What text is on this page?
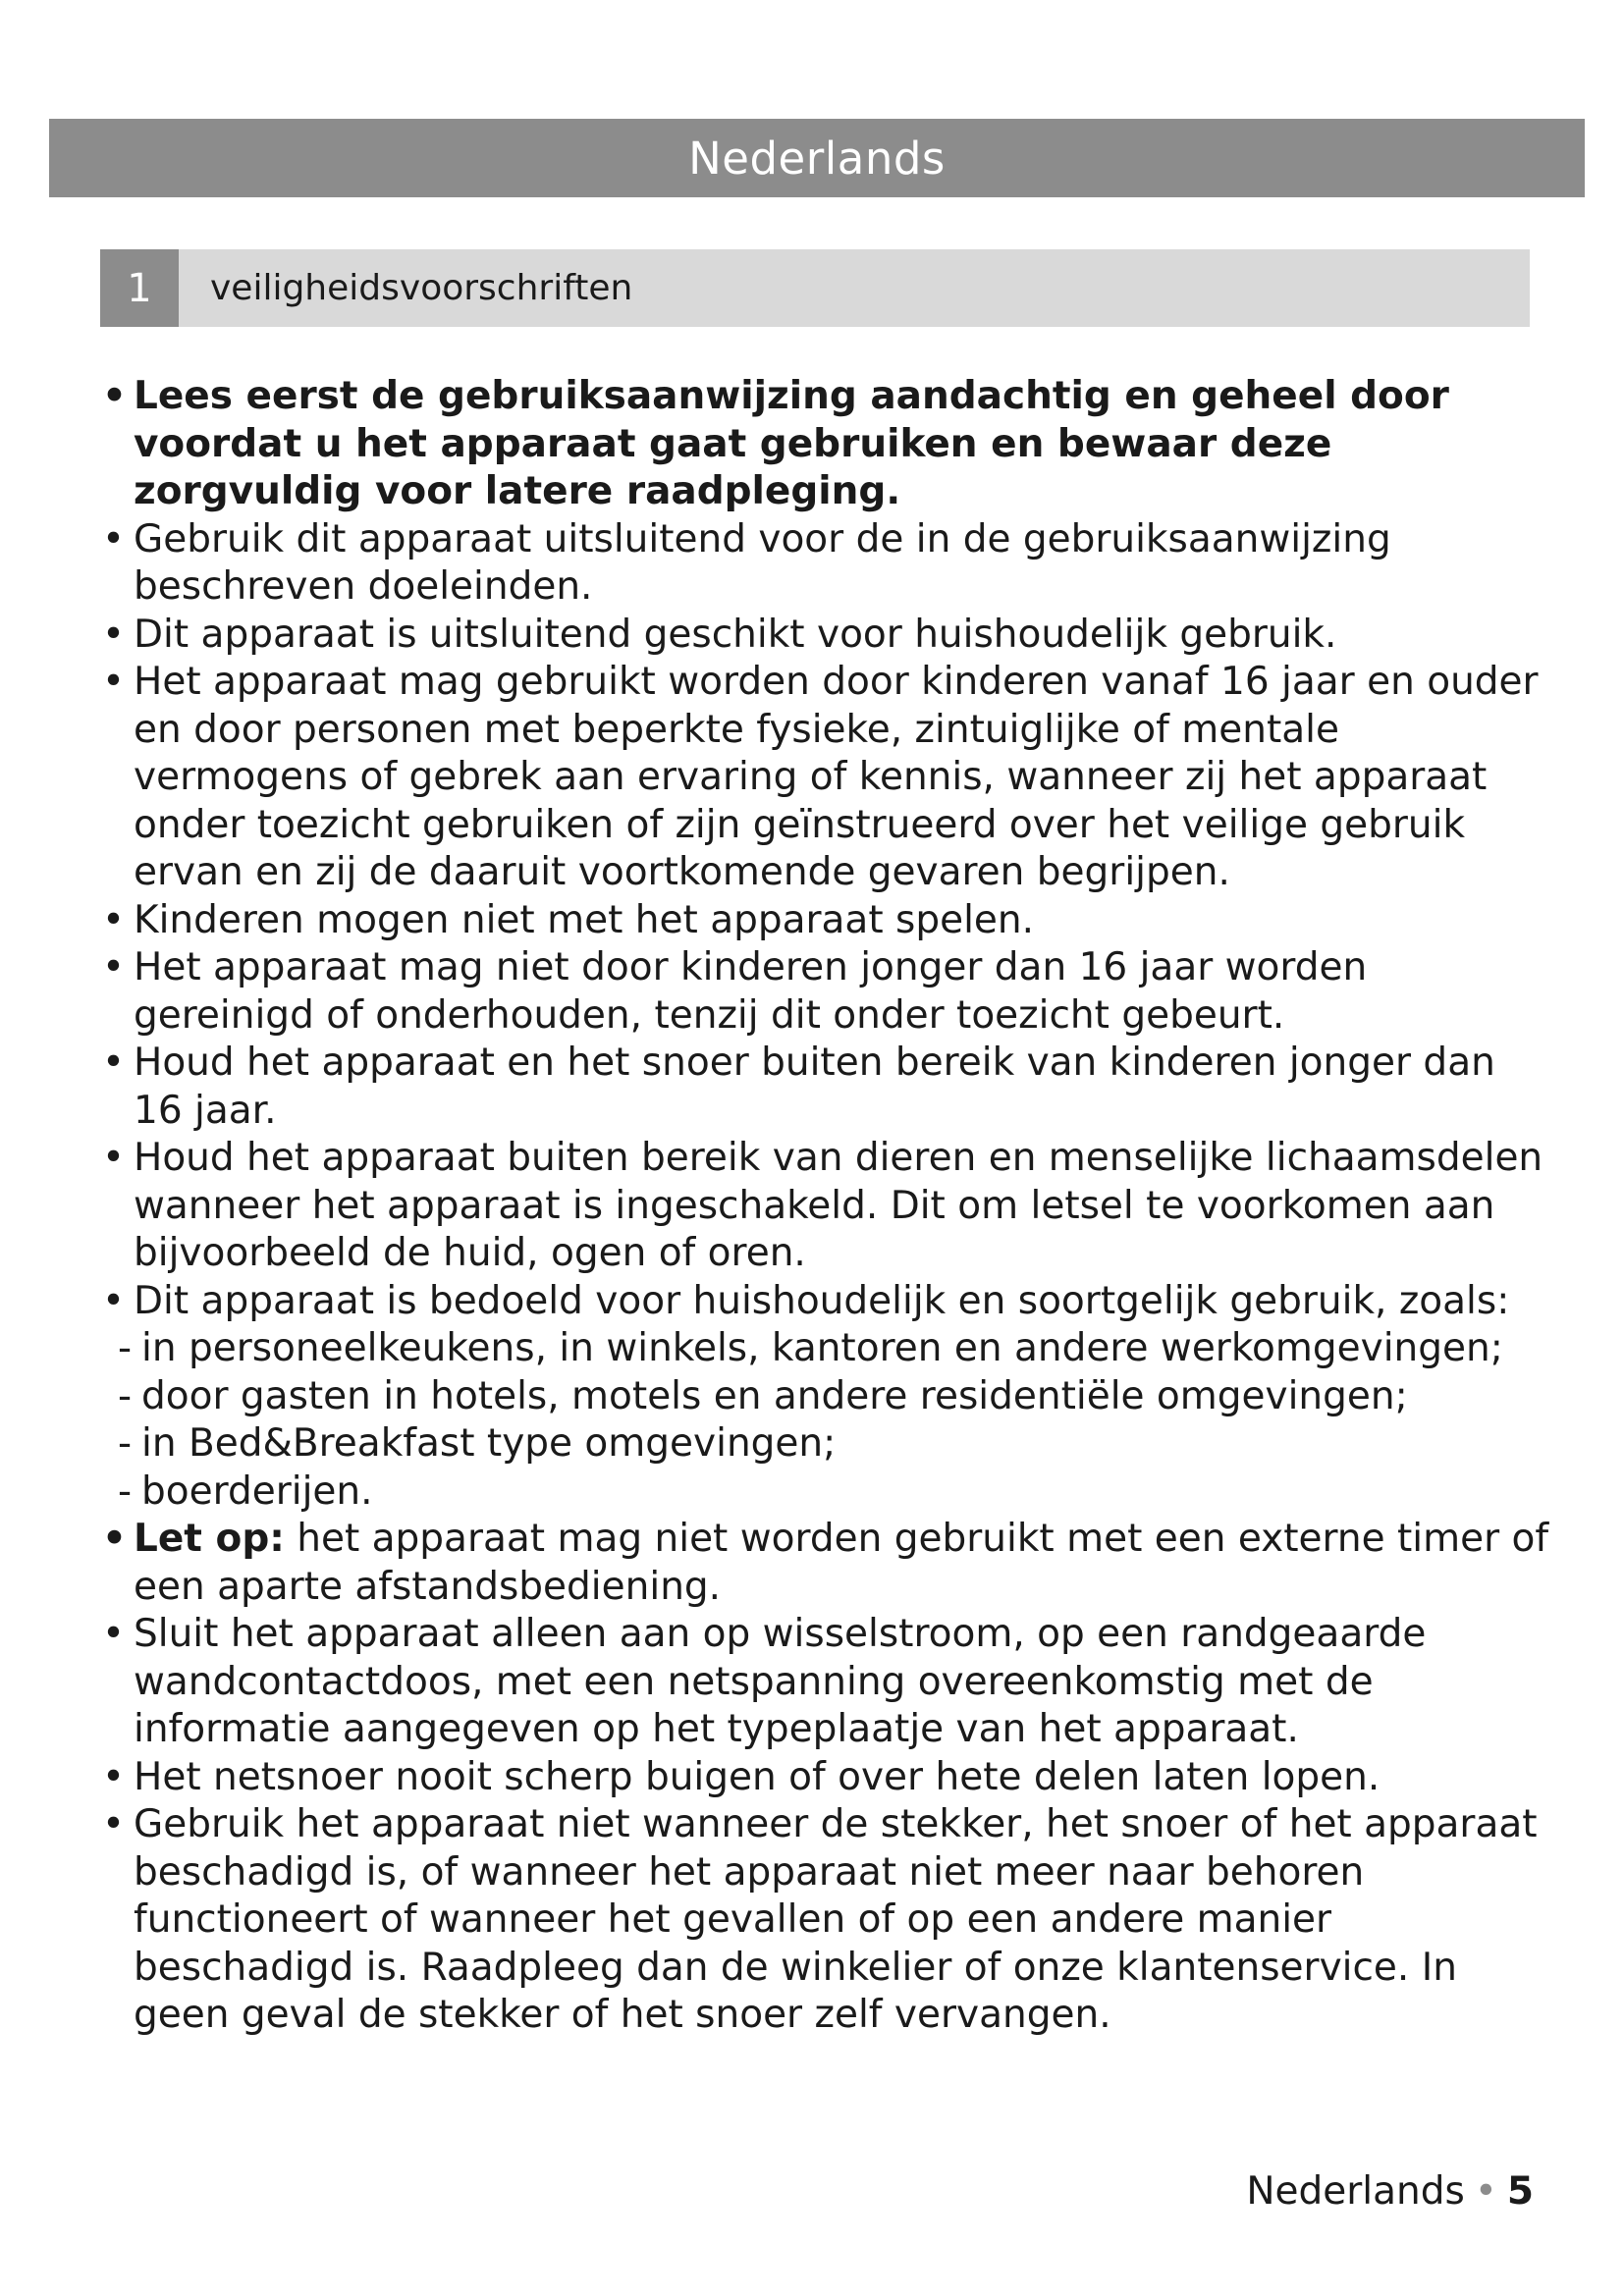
Nederlands
1	veiligheidsvoorschriften
• Lees eerst de gebruiksaanwijzing aandachtig en geheel door voordat u het apparaat gaat gebruiken en bewaar deze zorgvuldig voor latere raadpleging.
• Gebruik dit apparaat uitsluitend voor de in de gebruiksaanwijzing beschreven doeleinden.
• Dit apparaat is uitsluitend geschikt voor huishoudelijk gebruik.
• Het apparaat mag gebruikt worden door kinderen vanaf 16 jaar en ouder en door personen met beperkte fysieke, zintuiglijke of mentale vermogens of gebrek aan ervaring of kennis, wanneer zij het apparaat onder toezicht gebruiken of zijn geïnstrueerd over het veilige gebruik ervan en zij de daaruit voortkomende gevaren begrijpen.
• Kinderen mogen niet met het apparaat spelen.
• Het apparaat mag niet door kinderen jonger dan 16 jaar worden gereinigd of onderhouden, tenzij dit onder toezicht gebeurt.
• Houd het apparaat en het snoer buiten bereik van kinderen jonger dan 16 jaar.
• Houd het apparaat buiten bereik van dieren en menselijke lichaamsdelen wanneer het apparaat is ingeschakeld. Dit om letsel te voorkomen aan bijvoorbeeld de huid, ogen of oren.
• Dit apparaat is bedoeld voor huishoudelijk en soortgelijk gebruik, zoals:
- in personeelkeukens, in winkels, kantoren en andere werkomgevingen;
- door gasten in hotels, motels en andere residentiële omgevingen;
- in Bed&Breakfast type omgevingen;
- boerderijen.
• Let op: het apparaat mag niet worden gebruikt met een externe timer of een aparte afstandsbediening.
• Sluit het apparaat alleen aan op wisselstroom, op een randgeaarde wandcontactdoos, met een netspanning overeenkomstig met de informatie aangegeven op het typeplaatje van het apparaat.
• Het netsnoer nooit scherp buigen of over hete delen laten lopen.
• Gebruik het apparaat niet wanneer de stekker, het snoer of het apparaat beschadigd is, of wanneer het apparaat niet meer naar behoren functioneert of wanneer het gevallen of op een andere manier beschadigd is. Raadpleeg dan de winkelier of onze klantenservice. In geen geval de stekker of het snoer zelf vervangen.
Nederlands • 5
